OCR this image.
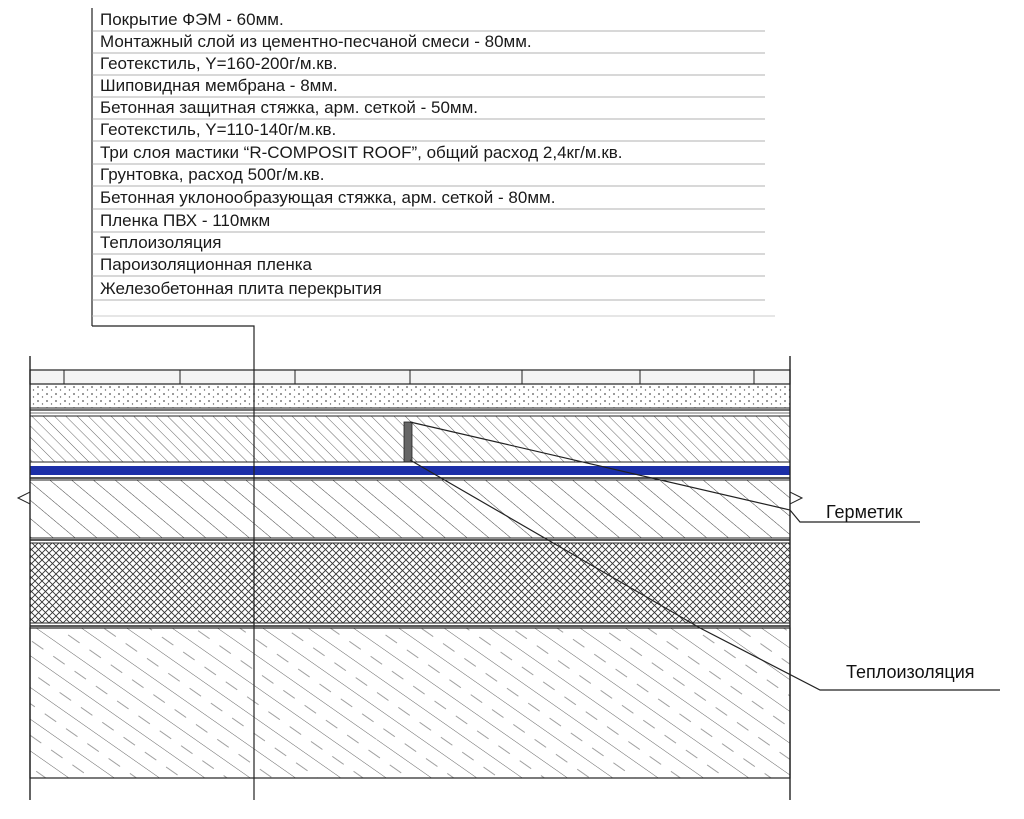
Покрытие ФЭМ - 60мм.
Монтажный слой из цементно-песчаной смеси - 80мм.
Геотекстиль, Y=160-200г/м.кв.
Шиповидная мембрана - 8мм.
Бетонная защитная стяжка, арм. сеткой - 50мм.
Геотекстиль, Y=110-140г/м.кв.
Три слоя мастики “R-COMPOSIT ROOF”, общий расход 2,4кг/м.кв.
Грунтовка, расход 500г/м.кв.
Бетонная уклонообразующая стяжка, арм. сеткой - 80мм.
Пленка ПВХ - 110мкм
Теплоизоляция
Пароизоляционная пленка
Железобетонная плита перекрытия
Герметик
Теплоизоляция
